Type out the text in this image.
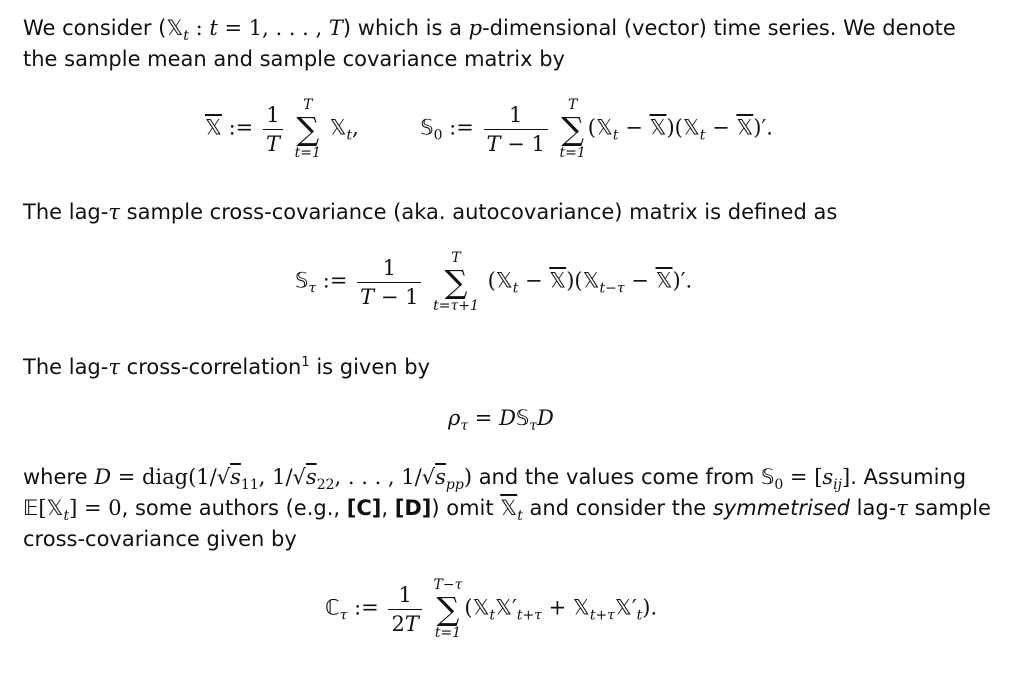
We consider (𝕏$_t$ : t = 1, . . . , T) which is a p-dimensional (vector) time series. We denote
the sample mean and sample covariance matrix by
𝕏 := $\frac{1}{T}$
	T
∑
t=1
𝕏$_t$,	𝕊$_0$ := $\frac{1}{T - 1}$
	T
∑
t=1
(𝕏$_t$ − 𝕏)(𝕏$_t$ − 𝕏)′.
The lag-τ sample cross-covariance (aka. autocovariance) matrix is defined as
𝕊$_\tau$ := $\frac{1}{T - 1}$
	T
∑
t=τ+1
(𝕏$_t$ − 𝕏)(𝕏$_{t-\tau}$ − 𝕏)′.
The lag-τ cross-correlation$^1$ is given by
$\rho_\tau$ = D𝕊$_\tau$D
where $D = diag(1/√s_{11}$, $1/√s_{22}$, . . . , $1/√s_{pp}$) and the values come from 𝕊$_0$ = $[s_{ij}]$. Assuming
𝔼[𝕏$_t$] = 0, some authors (e.g., [C], [D]) omit 𝕏$_t$ and consider the symmetrised lag-τ sample
cross-covariance given by
ℂ$_\tau$ := $\frac{1}{2T}$
T−τ
∑
t=1
($𝕏_t𝕏'_{t+\tau}$ + $𝕏_{t+\tau}𝕏'_t$).
